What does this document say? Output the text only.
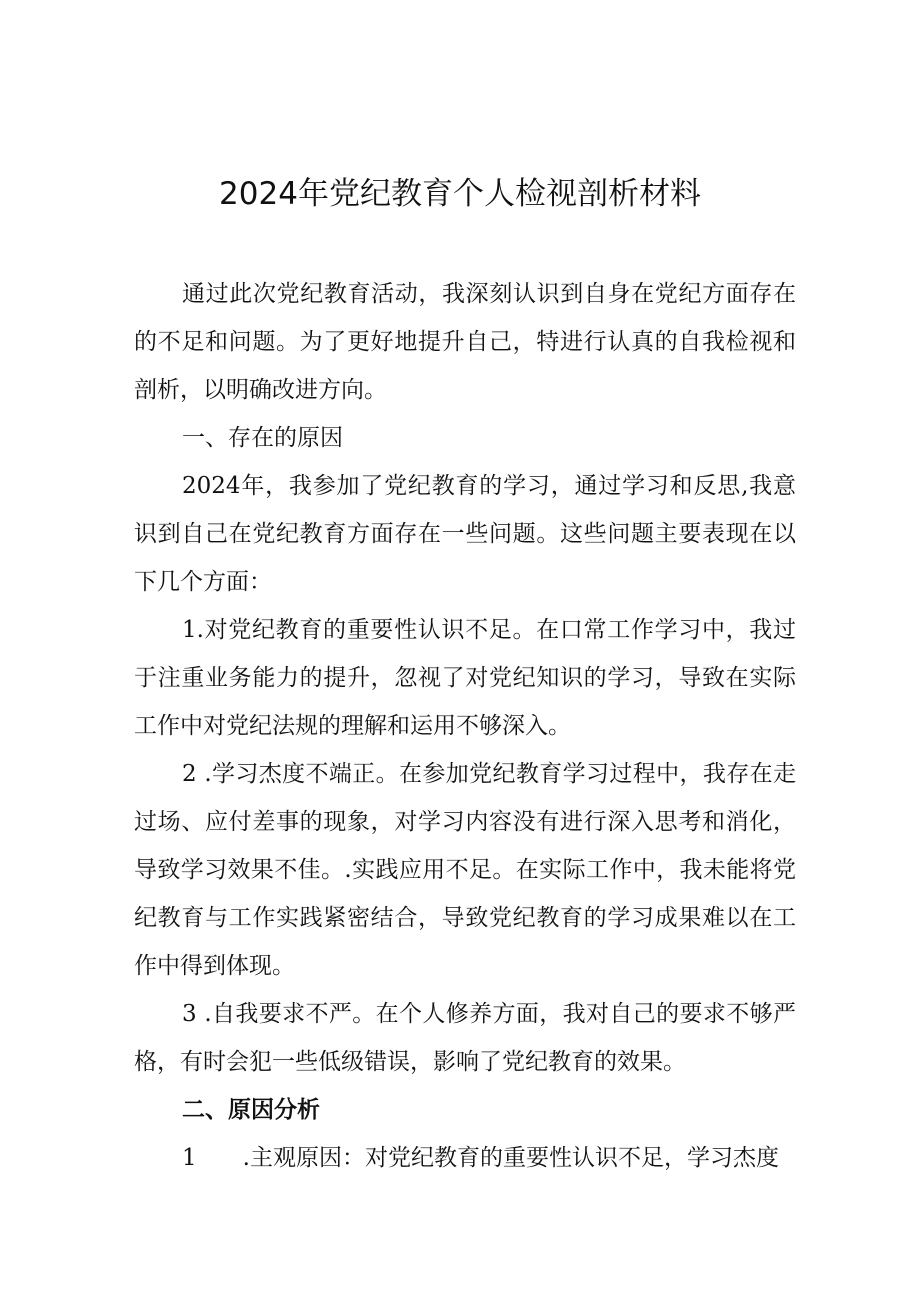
2024年党纪教育个人检视剖析材料

通过此次党纪教育活动，我深刻认识到自身在党纪方面存在的不足和问题。为了更好地提升自己，特进行认真的自我检视和剖析，以明确改进方向。

一、存在的原因

2024年，我参加了党纪教育的学习，通过学习和反思,我意识到自己在党纪教育方面存在一些问题。这些问题主要表现在以下几个方面：

1.对党纪教育的重要性认识不足。在口常工作学习中，我过于注重业务能力的提升，忽视了对党纪知识的学习，导致在实际工作中对党纪法规的理解和运用不够深入。

2 .学习杰度不端正。在参加党纪教育学习过程中，我存在走过场、应付差事的现象，对学习内容没有进行深入思考和消化，导致学习效果不佳。.实践应用不足。在实际工作中，我未能将党纪教育与工作实践紧密结合，导致党纪教育的学习成果难以在工作中得到体现。

3 .自我要求不严。在个人修养方面，我对自己的要求不够严格，有时会犯一些低级错误，影响了党纪教育的效果。

二、原因分析

1　　.主观原因：对党纪教育的重要性认识不足，学习杰度
